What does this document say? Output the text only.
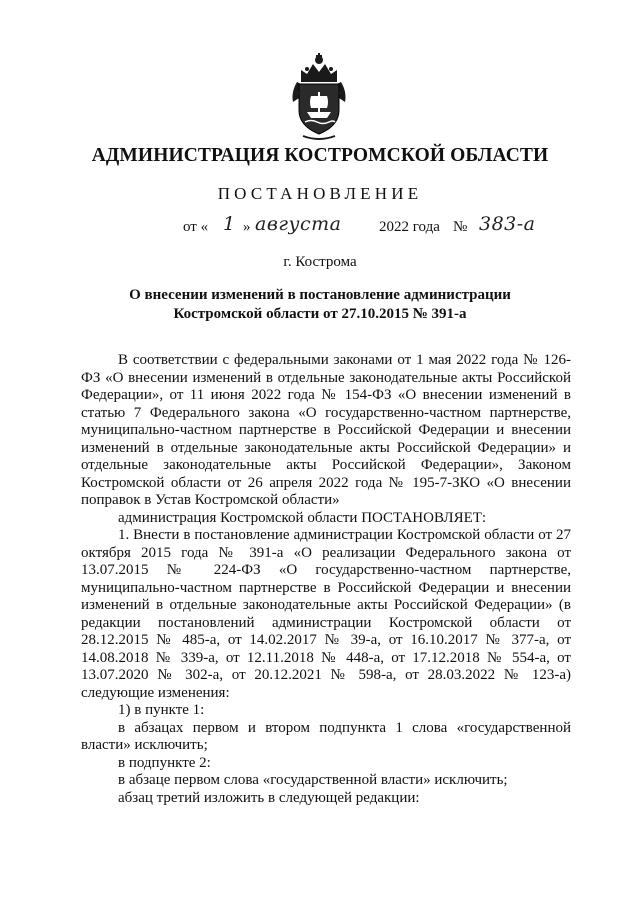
АДМИНИСТРАЦИЯ КОСТРОМСКОЙ ОБЛАСТИ
ПОСТАНОВЛЕНИЕ
от « 1 » августа	2022 года № 383-а
г. Кострома
О внесении изменений в постановление администрации
Костромской области от 27.10.2015 № 391-а

В соответствии с федеральными законами от 1 мая 2022 года № 126-ФЗ «О внесении изменений в отдельные законодательные акты Российской Федерации», от 11 июня 2022 года № 154-ФЗ «О внесении изменений в статью 7 Федерального закона «О государственно-частном партнерстве, муниципально-частном партнерстве в Российской Федерации и внесении изменений в отдельные законодательные акты Российской Федерации» и отдельные законодательные акты Российской Федерации», Законом Костромской области от 26 апреля 2022 года № 195-7-ЗКО «О внесении поправок в Устав Костромской области»

администрация Костромской области ПОСТАНОВЛЯЕТ:

1. Внести в постановление администрации Костромской области от 27 октября 2015 года № 391-а «О реализации Федерального закона от 13.07.2015 № 224-ФЗ «О государственно-частном партнерстве, муниципально-частном партнерстве в Российской Федерации и внесении изменений в отдельные законодательные акты Российской Федерации» (в редакции постановлений администрации Костромской области от 28.12.2015 № 485-а, от 14.02.2017 № 39-а, от 16.10.2017 № 377-а, от 14.08.2018 № 339-а, от 12.11.2018 № 448-а, от 17.12.2018 № 554-а, от 13.07.2020 № 302-а, от 20.12.2021 № 598-а, от 28.03.2022 № 123-а) следующие изменения:

1) в пункте 1:

в абзацах первом и втором подпункта 1 слова «государственной власти» исключить;

в подпункте 2:

в абзаце первом слова «государственной власти» исключить;

абзац третий изложить в следующей редакции:
